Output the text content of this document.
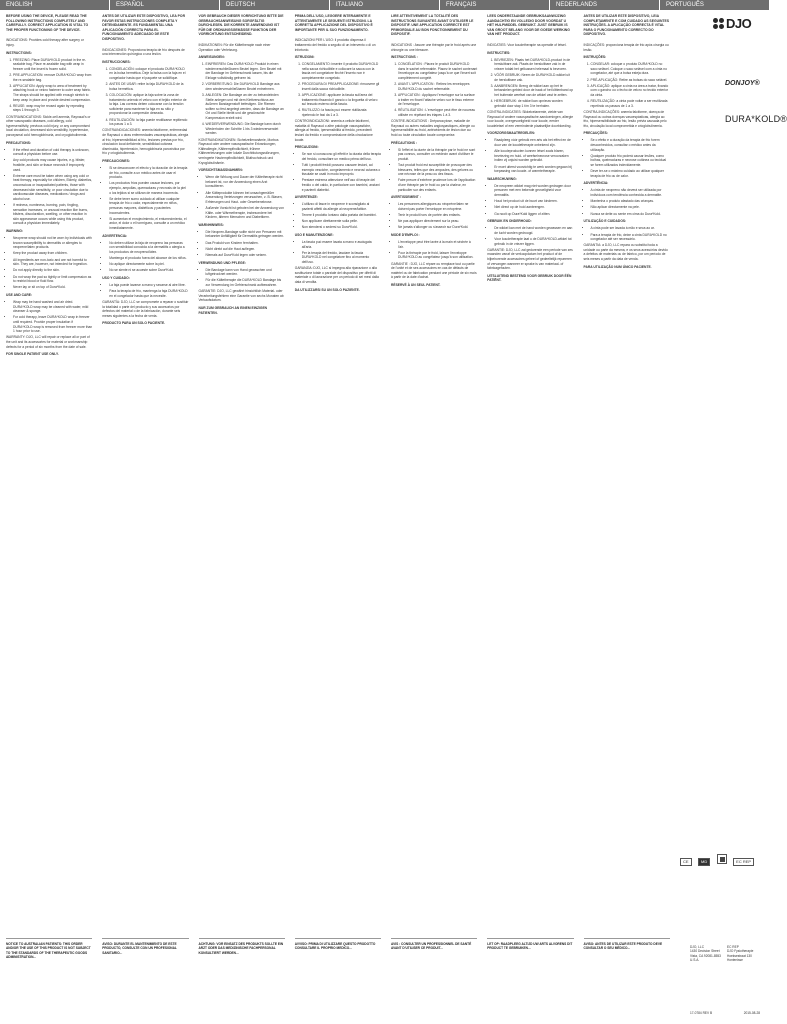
ENGLISH	ESPAÑOL	DEUTSCH	ITALIANO	FRANÇAIS	NEDERLANDS	PORTUGUÊS

BEFORE USING THE DEVICE, PLEASE READ THE FOLLOWING INSTRUCTIONS COMPLETELY AND CAREFULLY. CORRECT APPLICATION IS VITAL TO THE PROPER FUNCTIONING OF THE DEVICE.

INDICATIONS: Provides cold therapy after surgery or injury.

INSTRUCTIONS:

1. FREEZING: Place DURA*KOLD product in the re-sealable bag. Place re-sealable bag with wrap in freezer until the insert is frozen solid.
2. PRE-APPLICATION: remove DURA*KOLD wrap from the re-sealable bag.
3. APPLICATION: Apply wrap to area of treatment by attaching hook or velcro fastener to outer wrap fabric. The straps should be applied with enough stretch to keep wrap in place and provide desired compression.
4. REUSE: wrap may be reused again by repeating steps 1 through 3.

CONTRAINDICATIONS: Sickle-cell anemia, Raynaud's or other vasospastic diseases, cold allergy, cold hypersensitivity, previous cold injury, or any compromised local circulation, decreased skin sensibility, hypertension, paroxysmal cold hemoglobinuria, and cryoglobulinemia.

PRECAUTIONS:

• If the effect and duration of cold therapy is unknown, consult a physician before use.
• Any cold products may cause injuries, e.g. blister, frostbite, and skin or tissue necrosis if improperly used.
• Extreme care must be taken when using any cold or heat therapy, especially for children, Elderly, diabetics, unconscious or incapacitated patients, those with decreased skin sensitivity, or poor circulation due to cardiovascular diseases, medications / drugs and alcohol use.
• If redness, numbness, burning, pain, tingling, sensation increases, or unusual reaction like burns, blisters, discoloration, swelling, or other reaction in skin appearance occurs while using this product, consult a physician immediately.

WARNING:

• Neoprene wrap should not be worn by individuals with known susceptibility to dermatitis or allergies to neoprene/latex products.
• Keep the product away from children.
• All ingredients are non-toxic and are not harmful to skin. They are, however, not intended for ingestion.
• Do not apply directly to the skin.
• Do not wrap the pad so tightly or limit compression as to restrict blood or fluid flow.
• Never lay or sit on top of Dura*Kold.

USE AND CARE:

• Wrap may be hand washed and air dried. DURA*KOLD wrap may be cleaned with water, mild cleanser & sponge.
• For cold therapy, leave DURA*KOLD wrap in freezer until required. Provide proper insulation if DURA*KOLD wrap is removed from freezer more than 1 hour prior to use.

WARRANTY: DJO, LLC will repair or replace all or part of the unit and its accessories for material or workmanship defects for a period of six months from the date of sale.

FOR SINGLE PATIENT USE ONLY.

ANTES DE UTILIZAR ESTE DISPOSITIVO, LEA POR FAVOR ESTAS INSTRUCCIONES COMPLETA Y DETENIDAMENTE. ES FUNDAMENTAL UNA APLICACIÓN CORRECTA PARA EL FUNCIONAMIENTO ADECUADO DE ESTE DISPOSITIVO.

INDICACIONES: Proporciona terapia de frío después de una intervención quirúrgica o una lesión.

INSTRUCCIONES:

1. CONGELACIÓN: coloque el producto DURA*KOLD en la bolsa hermética. Deje la bolsa con la faja en el congelador hasta que el paquete se solidifique.
2. ANTES DE USAR: retire la faja DURA*KOLD de la bolsa hermética.
3. COLOCACIÓN: aplique la faja sobre la zona de tratamiento uniendo el velcro con el tejido exterior de la faja. Las correas deben colocarse con la tensión suficiente para mantener la faja en su sitio y proporcionar la compresión deseada.
4. REUTILIZACIÓN: la faja puede reutilizarse repitiendo los pasos 1 a 3.

CONTRAINDICACIONES: anemia falciforme, enfermedad de Raynaud u otras enfermedades vasoespásticas, alergia al frío, hipersensibilidad al frío, lesiones previas por frío, circulación local deficiente, sensibilidad cutánea disminuida, hipertensión, hemoglobinuria paroxística por frío y crioglobulinemia.

PRECAUCIONES:

• Si se desconocen el efecto y la duración de la terapia de frío, consulte a un médico antes de usar el producto.
• Los productos fríos pueden causar lesiones, por ejemplo, ampollas, quemaduras y necrosis de la piel o los tejidos si se utilizan de manera incorrecta.
• Se debe tener sumo cuidado al utilizar cualquier terapia de frío o calor, especialmente en niños, personas mayores, diabéticos y pacientes inconscientes.
• Si aumentan el enrojecimiento, el entumecimiento, el ardor, el dolor o el hormigueo, consulte a un médico inmediatamente.

ADVERTENCIA:

• No deben utilizar la faja de neopreno las personas con sensibilidad conocida a la dermatitis o alergia a los productos de neopreno/látex.
• Mantenga el producto fuera del alcance de los niños.
• No aplique directamente sobre la piel.
• No se siente ni se acueste sobre Dura*Kold.

USO Y CUIDADO:

• La faja puede lavarse a mano y secarse al aire libre.
• Para la terapia de frío, mantenga la faja DURA*KOLD en el congelador hasta que la necesite.

GARANTÍA: DJO, LLC se compromete a reparar o sustituir la totalidad o parte del producto y sus accesorios por defectos del material o de la fabricación, durante seis meses siguientes a la fecha de venta.

PRODUCTO PARA UN SOLO PACIENTE.

VOR GEBRAUCH DIESER VORRICHTUNG BITTE DIE GEBRAUCHSANWEISUNG SORGFÄLTIG DURCHLESEN. DIE KORREKTE ANWENDUNG IST FÜR DIE ORDNUNGSGEMÄSSE FUNKTION DER VORRICHTUNG ENTSCHEIDEND.

INDIKATIONEN: Für die Kältetherapie nach einer Operation oder Verletzung.

ANWEISUNGEN:

1. EINFRIEREN: Das DURA*KOLD Produkt in einen wiederverschließbaren Beutel legen. Den Beutel mit der Bandage im Gefrierschrank lassen, bis die Einlage vollständig gefroren ist.
2. VORBEREITUNG: Die DURA*KOLD Bandage aus dem wiederverschließbaren Beutel entnehmen.
3. ANLEGEN: Die Bandage an der zu behandelnden Stelle anlegen und mit dem Klettverschluss am äußeren Bandagenstoff befestigen. Die Riemen sollten so fest angelegt werden, dass die Bandage an Ort und Stelle bleibt und die gewünschte Kompression erzielt wird.
4. WIEDERVERWENDUNG: Die Bandage kann durch Wiederholen der Schritte 1 bis 3 wiederverwendet werden.

KONTRAINDIKATIONEN: Sichelzellenanämie, Morbus Raynaud oder andere vasospastische Erkrankungen, Kälteallergie, Kälteempfindlichkeit, frühere Kälteverletzungen oder lokale Durchblutungsstörungen, verringerte Hautempfindlichkeit, Bluthochdruck und Kryoglobulinämie.

VORSICHTSMASSNAHMEN:

• Wenn die Wirkung und Dauer der Kältetherapie nicht bekannt ist, vor der Anwendung einen Arzt konsultieren.
• Alle Kälteprodukte können bei unsachgemäßer Anwendung Verletzungen verursachen, z. B. Blasen, Erfrierungen und Haut- oder Gewebenekrose.
• Äußerste Vorsicht ist geboten bei der Anwendung von Kälte- oder Wärmetherapie, insbesondere bei Kindern, älteren Menschen und Diabetikern.

WARNHINWEIS:

• Die Neopren-Bandage sollte nicht von Personen mit bekannter Anfälligkeit für Dermatitis getragen werden.
• Das Produkt von Kindern fernhalten.
• Nicht direkt auf die Haut auflegen.
• Niemals auf Dura*Kold legen oder setzen.

VERWENDUNG UND PFLEGE:

• Die Bandage kann von Hand gewaschen und luftgetrocknet werden.
• Für die Kältetherapie die DURA*KOLD Bandage bis zur Verwendung im Gefrierschrank aufbewahren.

GARANTIE: DJO, LLC gewährt hinsichtlich Material- oder Verarbeitungsfehlern eine Garantie von sechs Monaten ab Verkaufsdatum.

NUR ZUM GEBRAUCH AN EINEM EINZIGEN PATIENTEN.

PRIMA DELL'USO, LEGGERE INTERAMENTE E ATTENTAMENTE LE SEGUENTI ISTRUZIONI. LA CORRETTA APPLICAZIONE DEL DISPOSITIVO È IMPORTANTE PER IL SUO FUNZIONAMENTO.

INDICAZIONI PER L'USO: il prodotto dispensa il trattamento del freddo a seguito di un intervento o di un infortunio.

ISTRUZIONI:

1. CONGELAMENTO: inserire il prodotto DURA*KOLD nella sacca richiudibile e collocare la sacca con la fascia nel congelatore finché l'inserto non è completamente congelato.
2. PROCEDURA DI PREAPPLICAZIONE: rimuovere gli inserti dalla sacca richiudibile.
3. APPLICAZIONE: applicare la fascia sull'area del trattamento fissando il gancio o la linguetta di velcro sul tessuto esterno della fascia.
4. RIUTILIZZO: la fascia può essere riutilizzata ripetendo le fasi da 1 a 3.

CONTROINDICAZIONI: anemia a cellule falciformi, malattia di Raynaud o altre patologie vasospastiche, allergia al freddo, ipersensibilità al freddo, precedenti lesioni da freddo e compromissione della circolazione locale.

PRECAUZIONI:

• Se non si conoscono gli effetti e la durata della terapia del freddo, consultare un medico prima dell'uso.
• Tutti i prodotti freddi possono causare lesioni, ad esempio vesciche, congelamento e necrosi cutanea o tissutale se usati in modo improprio.
• Prestare estrema attenzione nell'uso di terapie del freddo o del caldo, in particolare con bambini, anziani e pazienti diabetici.

AVVERTENZE:

• L'utilizzo di fasce in neoprene è sconsigliato ai pazienti affetti da allergie al neoprene/lattice.
• Tenere il prodotto lontano dalla portata dei bambini.
• Non applicare direttamente sulla pelle.
• Non stendersi o sedersi su Dura*Kold.

USO E MANUTENZIONE:

• La fascia può essere lavata a mano e asciugata all'aria.
• Per la terapia del freddo, lasciare la fascia DURA*KOLD nel congelatore fino al momento dell'uso.

GARANZIA: DJO, LLC si impegna alla riparazione o alla sostituzione totale o parziale del dispositivo per difetti di materiale o di lavorazione per un periodo di sei mesi dalla data di vendita.

DA UTILIZZARSI SU UN SOLO PAZIENTE.

LIRE ATTENTIVEMENT LA TOTALITÉ DES INSTRUCTIONS SUIVANTES AVANT D'UTILISER LE DISPOSITIF. UNE APPLICATION CORRECTE EST PRIMORDIALE AU BON FONCTIONNEMENT DU DISPOSITIF.

INDICATIONS : Assure une thérapie par le froid après une chirurgie ou une blessure.

INSTRUCTIONS :

1. CONGÉLATION : Placez le produit DURA*KOLD dans le sachet refermable. Placez le sachet contenant l'enveloppe au congélateur jusqu'à ce que l'insert soit complètement congelé.
2. AVANT L'APPLICATION : Retirez les enveloppes DURA*KOLD du sachet refermable.
3. APPLICATION : Appliquez l'enveloppe sur la surface à traiter en fixant l'attache velcro sur le tissu externe de l'enveloppe.
4. RÉUTILISATION : L'enveloppe peut être de nouveau utilisée en répétant les étapes 1 à 3.

CONTRE-INDICATIONS : Drépanocytose, maladie de Raynaud ou autres maladies angiospastiques, allergie ou hypersensibilité au froid, antécédents de lésion due au froid ou toute circulation locale compromise.

PRÉCAUTIONS :

• Si l'effet et la durée de la thérapie par le froid ne sont pas connus, consulter un médecin avant d'utiliser le produit.
• Tout produit froid est susceptible de provoquer des blessures, telles que des ampoules, des gelures ou une nécrose de la peau ou des tissus.
• Faire preuve d'extrême prudence lors de l'application d'une thérapie par le froid ou par la chaleur, en particulier sur des enfants.

AVERTISSEMENT :

• Les personnes allergiques au néoprène/latex ne doivent pas porter l'enveloppe en néoprène.
• Tenir le produit hors de portée des enfants.
• Ne pas appliquer directement sur la peau.
• Ne jamais s'allonger ou s'asseoir sur Dura*Kold.

MODE D'EMPLOI :

• L'enveloppe peut être lavée à la main et séchée à l'air.
• Pour la thérapie par le froid, laisser l'enveloppe DURA*KOLD au congélateur jusqu'à son utilisation.

GARANTIE : DJO, LLC répare ou remplace tout ou partie de l'unité et de ses accessoires en cas de défauts de matériel ou de fabrication pendant une période de six mois à partir de la date d'achat.

RÉSERVÉ À UN SEUL PATIENT.

LEES ONDERSTAANDE GEBRUIKSAANWIJZING AANDACHTIG EN VOLLEDIG DOOR VOORDAT U HET HULPMIDDEL GEBRUIKT. JUIST GEBRUIK IS VAN GROOT BELANG VOOR DE GOEDE WERKING VAN HET PRODUCT.

INDICATIES: Voor koudetherapie na operatie of letsel.

INSTRUCTIES:

1. BEVRIEZEN: Plaats het DURA*KOLD-product in de hersluitbare zak. Plaats de hersluitbare zak in de vriezer totdat het gelkussen helemaal is bevroren.
2. VÓÓR GEBRUIK: Neem de DURA*KOLD-wikkel uit de hersluitbare zak.
3. AANBRENGEN: Breng de wikkel aan op het te behandelen gebied door de haak of het klittenband op het buitenste weefsel van de wikkel vast te zetten.
4. HERGEBRUIK: de wikkel kan opnieuw worden gebruikt door stap 1 t/m 3 te herhalen.

CONTRA-INDICATIES: Sikkelcelanemie, ziekte van Raynaud of andere vasospastische aandoeningen, allergie voor koude, overgevoeligheid voor koude, eerder koudeletsel of een verminderde plaatselijke doorbloeding.

VOORZORGSMAATREGELEN:

• Raadpleeg vóór gebruik een arts als het effect en de duur van de koudetherapie onbekend zijn.
• Alle koudeproducten kunnen letsel zoals blaren, bevriezing en huid- of weefselnecrose veroorzaken indien zij onjuist worden gebruikt.
• Er moet uiterst voorzichtig te werk worden gegaan bij toepassing van koude- of warmtetherapie.

WAARSCHUWING:

• De neopreen wikkel mag niet worden gedragen door personen met een bekende gevoeligheid voor dermatitis.
• Houd het product uit de buurt van kinderen.
• Niet direct op de huid aanbrengen.
• Ga nooit op Dura*Kold liggen of zitten.

GEBRUIK EN ONDERHOUD:

• De wikkel kan met de hand worden gewassen en aan de lucht worden gedroogd.
• Voor koudetherapie laat u de DURA*KOLD-wikkel tot gebruik in de vriezer liggen.

GARANTIE: DJO, LLC zal gedurende een periode van zes maanden vanaf de verkoopdatum het product of de bijbehorende accessoires geheel of gedeeltelijk repareren of vervangen wanneer er sprake is van materiaal- of fabricagefouten.

UITSLUITEND BESTEMD VOOR GEBRUIK DOOR ÉÉN PATIËNT.

ANTES DE UTILIZAR ESTE DISPOSITIVO, LEIA COMPLETAMENTE E COM CUIDADO AS SEGUINTES INSTRUÇÕES. A APLICAÇÃO CORRECTA É VITAL PARA O FUNCIONAMENTO CORRECTO DO DISPOSITIVO.

INDICAÇÕES: proporciona terapia de frio após cirurgia ou lesão.

INSTRUÇÕES:

1. CONGELAR: coloque o produto DURA*KOLD no saco selável. Coloque o saco selável com a cinta no congelador, até que a bolsa esteja dura.
2. PRÉ-APLICAÇÃO: Retire as bolsas do saco selável.
3. APLICAÇÃO: aplique a cinta na área a tratar, fixando com o gancho ou o fecho de velcro no tecido exterior da cinta.
4. REUTILIZAÇÃO: a cinta pode voltar a ser reutilizada repetindo os passos de 1 a 3.

CONTRA-INDICAÇÕES: anemia falciforme, doença de Raynaud ou outras doenças vasoespásticas, alergia ao frio, hipersensibilidade ao frio, lesão prévia causada pelo frio, circulação local comprometida e crioglobulinemia.

PRECAUÇÕES:

• Se o efeito e a duração da terapia de frio forem desconhecidos, consultar o médico antes da utilização.
• Qualquer produto frio poderá causar lesões, como bolhas, queimaduras e necrose cutânea ou tecidual se forem utilizados indevidamente.
• Deve ter-se o máximo cuidado ao utilizar qualquer terapia de frio ou de calor.

ADVERTÊNCIA:

• A cinta de neopreno não deverá ser utilizada por indivíduos com tendência conhecida a dermatite.
• Mantenha o produto afastado das crianças.
• Não aplicar directamente na pele.
• Nunca se deite ou sente em cima do Dura*Kold.

UTILIZAÇÃO E CUIDADOS:

• A cinta pode ser lavada à mão e seca ao ar.
• Para a terapia de frio, deixe a cinta DURA*KOLD no congelador até ser necessário.

GARANTIA: a DJO, LLC repara ou substitui toda a unidade ou parte da mesma, e os seus acessórios devido a defeitos de materiais ou de fabrico, por um período de seis meses a partir da data de venda.

PARA UTILIZAÇÃO NUM ÚNICO PACIENTE.

DJO
DONJOY®
DURA*KOLD®
CE	MD	EC REP
NOTICE TO AUSTRALIAN PATIENTS: THIS ORDER AND/OR THE USE OF THIS PRODUCT IS NOT SUBJECT TO THE STANDARDS OF THE THERAPEUTIC GOODS ADMINISTRATION...
AVISO: DURANTE EL MANTENIMIENTO DE ESTE PRODUCTO, CONSULTE CON UN PROFESIONAL SANITARIO...
ACHTUNG: VOR EINSATZ DES PRODUKTS SOLLTE EIN ARZT ODER DAS MEDIZINISCHE FACHPERSONAL KONSULTIERT WERDEN...
AVVISO: PRIMA DI UTILIZZARE QUESTO PRODOTTO CONSULTARE IL PROPRIO MEDICO...
AVIS : CONSULTER UN PROFESSIONNEL DE SANTÉ AVANT D'UTILISER CE PRODUIT...
LET OP: RAADPLEEG ALTIJD UW ARTS ALVORENS DIT PRODUCT TE GEBRUIKEN...
AVISO: ANTES DE UTILIZAR ESTE PRODUTO DEVE CONSULTAR O SEU MÉDICO...	DJO, LLC
1430 Decision Street
Vista, CA 92081-8553
U.S.A.
EC REP
DJO Fysiotherapie
Hoeksestraat 130
Hontenisse
17-0784 REV B	2015-08-28
